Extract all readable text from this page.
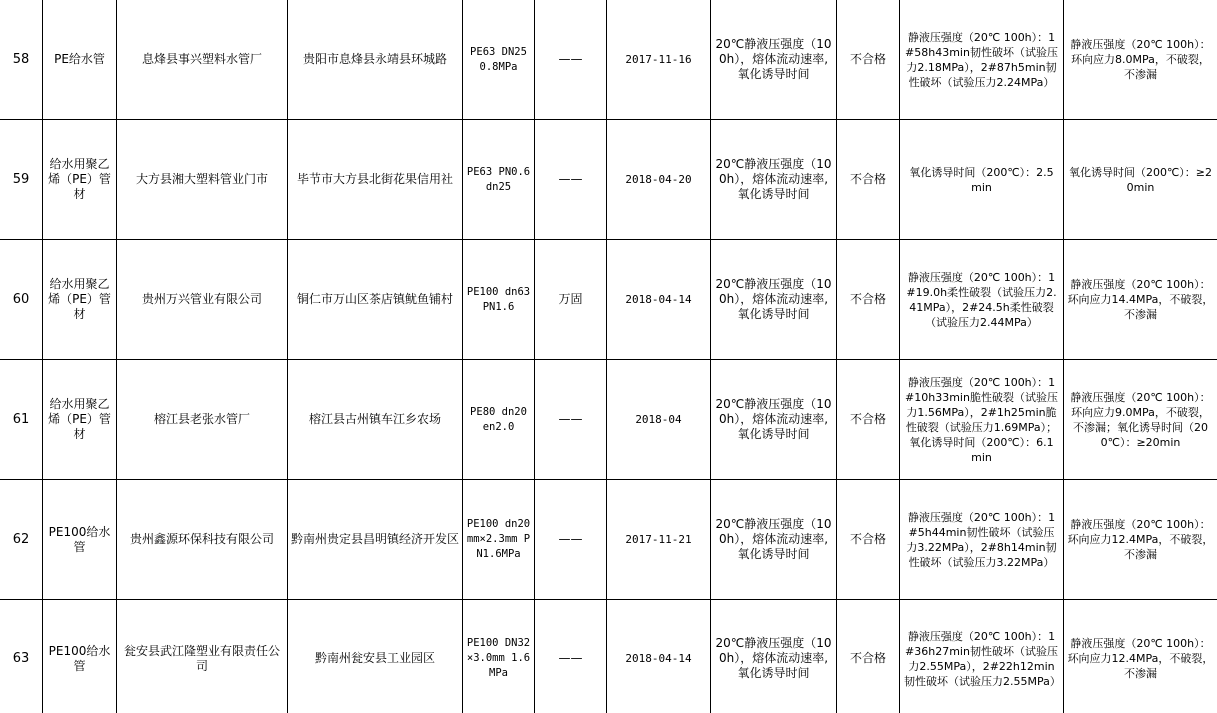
58	PE给水管	息烽县事兴塑料水管厂	贵阳市息烽县永靖县环城路	PE63 DN25 0.8MPa	——	2017-11-16	20℃静液压强度（100h），熔体流动速率,氧化诱导时间	不合格	静液压强度（20℃ 100h）：1#58h43min韧性破坏（试验压力2.18MPa），2#87h5min韧性破坏（试验压力2.24MPa）	静液压强度（20℃ 100h）：环向应力8.0MPa，不破裂，不渗漏
59	给水用聚乙烯（PE）管材	大方县湘大塑料管业门市	毕节市大方县北街花果信用社	PE63 PN0.6 dn25	——	2018-04-20	20℃静液压强度（100h），熔体流动速率,氧化诱导时间	不合格	氧化诱导时间（200℃）：2.5min	氧化诱导时间（200℃）：≥20min
60	给水用聚乙烯（PE）管材	贵州万兴管业有限公司	铜仁市万山区茶店镇鱿鱼铺村	PE100 dn63 PN1.6	万固	2018-04-14	20℃静液压强度（100h），熔体流动速率,氧化诱导时间	不合格	静液压强度（20℃ 100h）：1#19.0h柔性破裂（试验压力2.41MPa），2#24.5h柔性破裂（试验压力2.44MPa）	静液压强度（20℃ 100h）：环向应力14.4MPa，不破裂，不渗漏
61	给水用聚乙烯（PE）管材	榕江县老张水管厂	榕江县古州镇车江乡农场	PE80 dn20 en2.0	——	2018-04	20℃静液压强度（100h），熔体流动速率,氧化诱导时间	不合格	静液压强度（20℃ 100h）：1#10h33min脆性破裂（试验压力1.56MPa），2#1h25min脆性破裂（试验压力1.69MPa）；氧化诱导时间（200℃）：6.1min	静液压强度（20℃ 100h）：环向应力9.0MPa，不破裂，不渗漏；氧化诱导时间（200℃）：≥20min
62	PE100给水管	贵州鑫源环保科技有限公司	黔南州贵定县昌明镇经济开发区	PE100 dn20mm×2.3mm PN1.6MPa	——	2017-11-21	20℃静液压强度（100h），熔体流动速率,氧化诱导时间	不合格	静液压强度（20℃ 100h）：1#5h44min韧性破坏（试验压力3.22MPa），2#8h14min韧性破坏（试验压力3.22MPa）	静液压强度（20℃ 100h）：环向应力12.4MPa，不破裂，不渗漏
63	PE100给水管	瓮安县武江隆塑业有限责任公司	黔南州瓮安县工业园区	PE100 DN32×3.0mm 1.6MPa	——	2018-04-14	20℃静液压强度（100h），熔体流动速率,氧化诱导时间	不合格	静液压强度（20℃ 100h）：1#36h27min韧性破坏（试验压力2.55MPa），2#22h12min韧性破坏（试验压力2.55MPa）	静液压强度（20℃ 100h）：环向应力12.4MPa，不破裂，不渗漏
